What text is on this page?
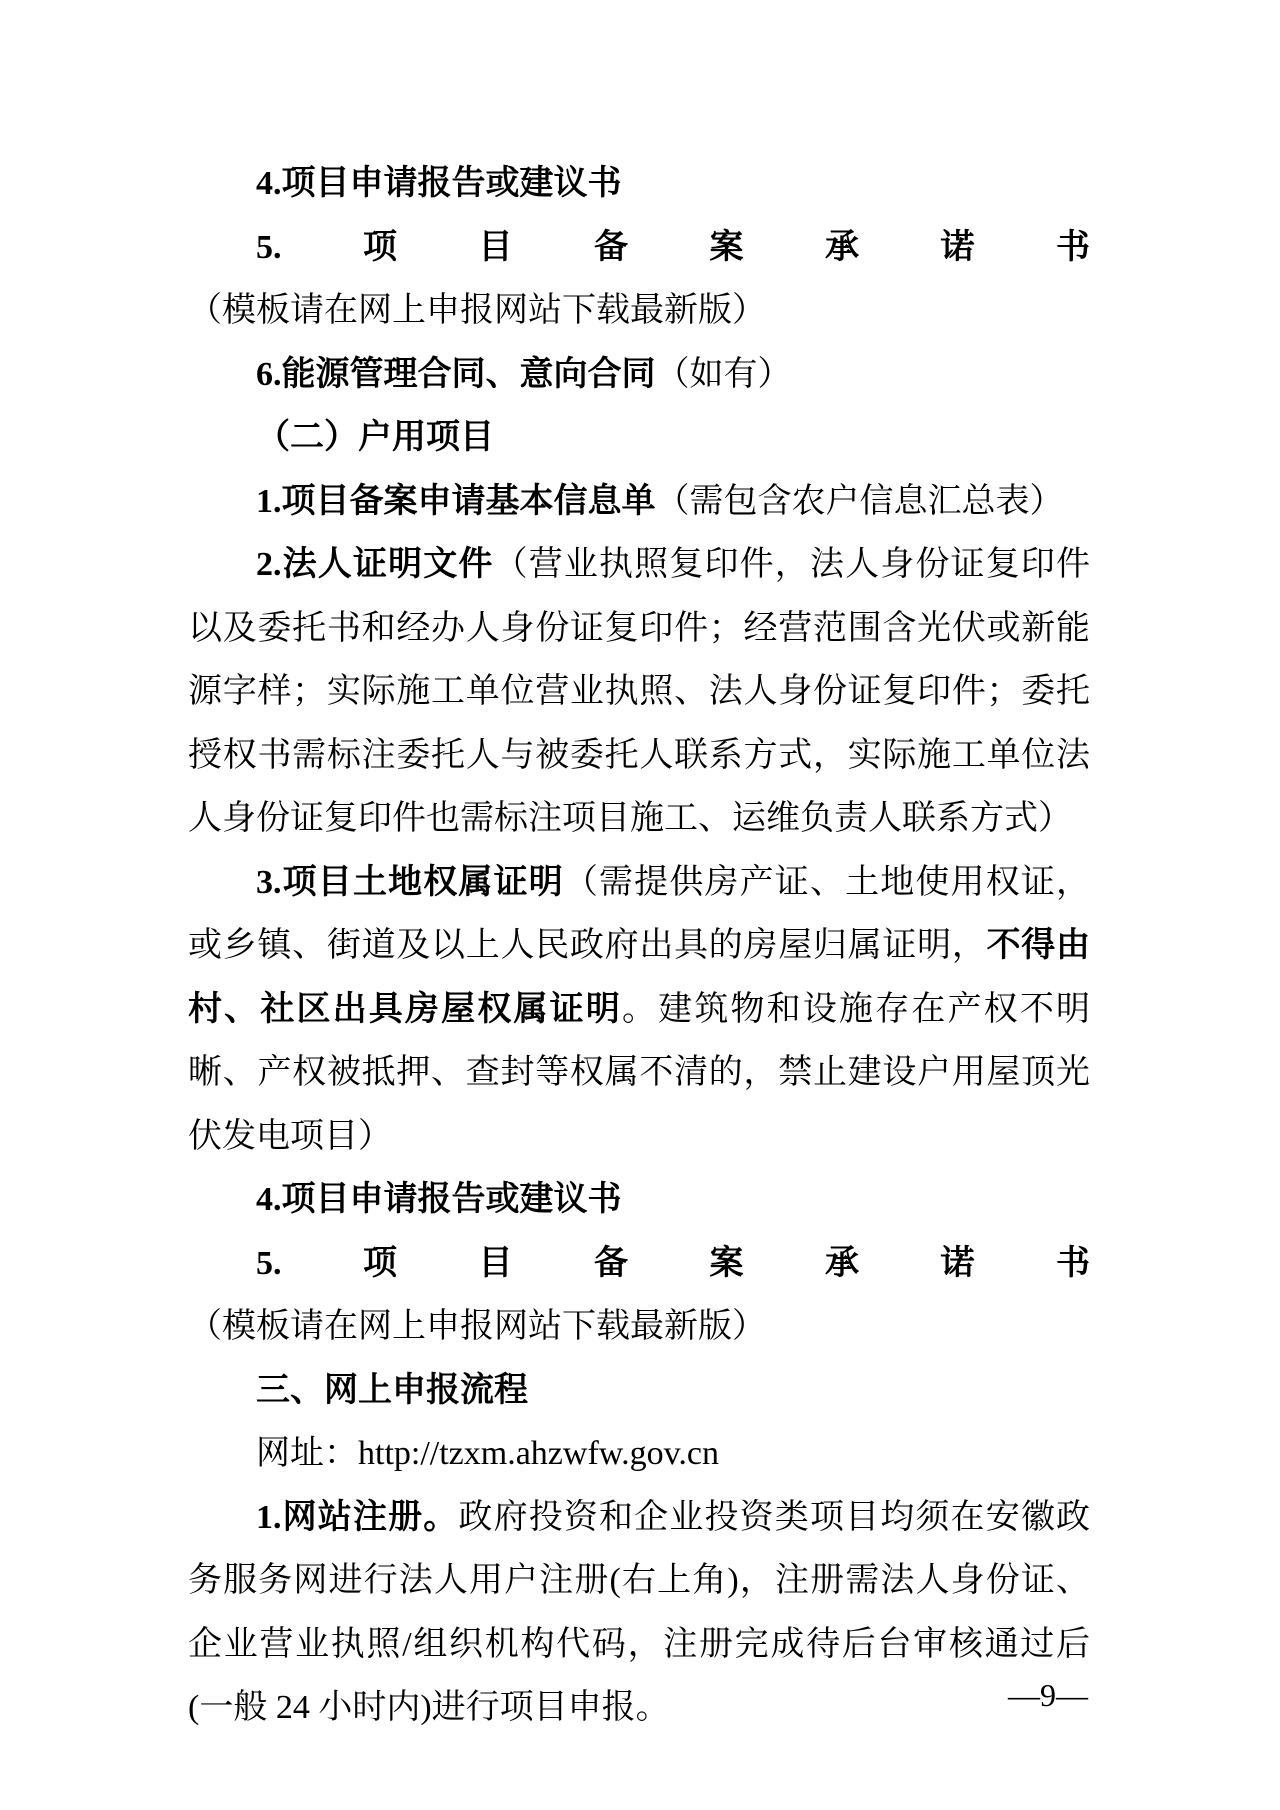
4.项目申请报告或建议书

5.项目备案承诺书（模板请在网上申报网站下载最新版）

6.能源管理合同、意向合同（如有）

（二）户用项目

1.项目备案申请基本信息单（需包含农户信息汇总表）

2.法人证明文件（营业执照复印件，法人身份证复印件以及委托书和经办人身份证复印件；经营范围含光伏或新能源字样；实际施工单位营业执照、法人身份证复印件；委托授权书需标注委托人与被委托人联系方式，实际施工单位法人身份证复印件也需标注项目施工、运维负责人联系方式）

3.项目土地权属证明（需提供房产证、土地使用权证，或乡镇、街道及以上人民政府出具的房屋归属证明，不得由村、社区出具房屋权属证明。建筑物和设施存在产权不明晰、产权被抵押、查封等权属不清的，禁止建设户用屋顶光伏发电项目）

4.项目申请报告或建议书

5.项目备案承诺书（模板请在网上申报网站下载最新版）

三、网上申报流程

网址：http://tzxm.ahzwfw.gov.cn

1.网站注册。政府投资和企业投资类项目均须在安徽政务服务网进行法人用户注册(右上角)，注册需法人身份证、企业营业执照/组织机构代码，注册完成待后台审核通过后(一般 24 小时内)进行项目申报。	—9—
